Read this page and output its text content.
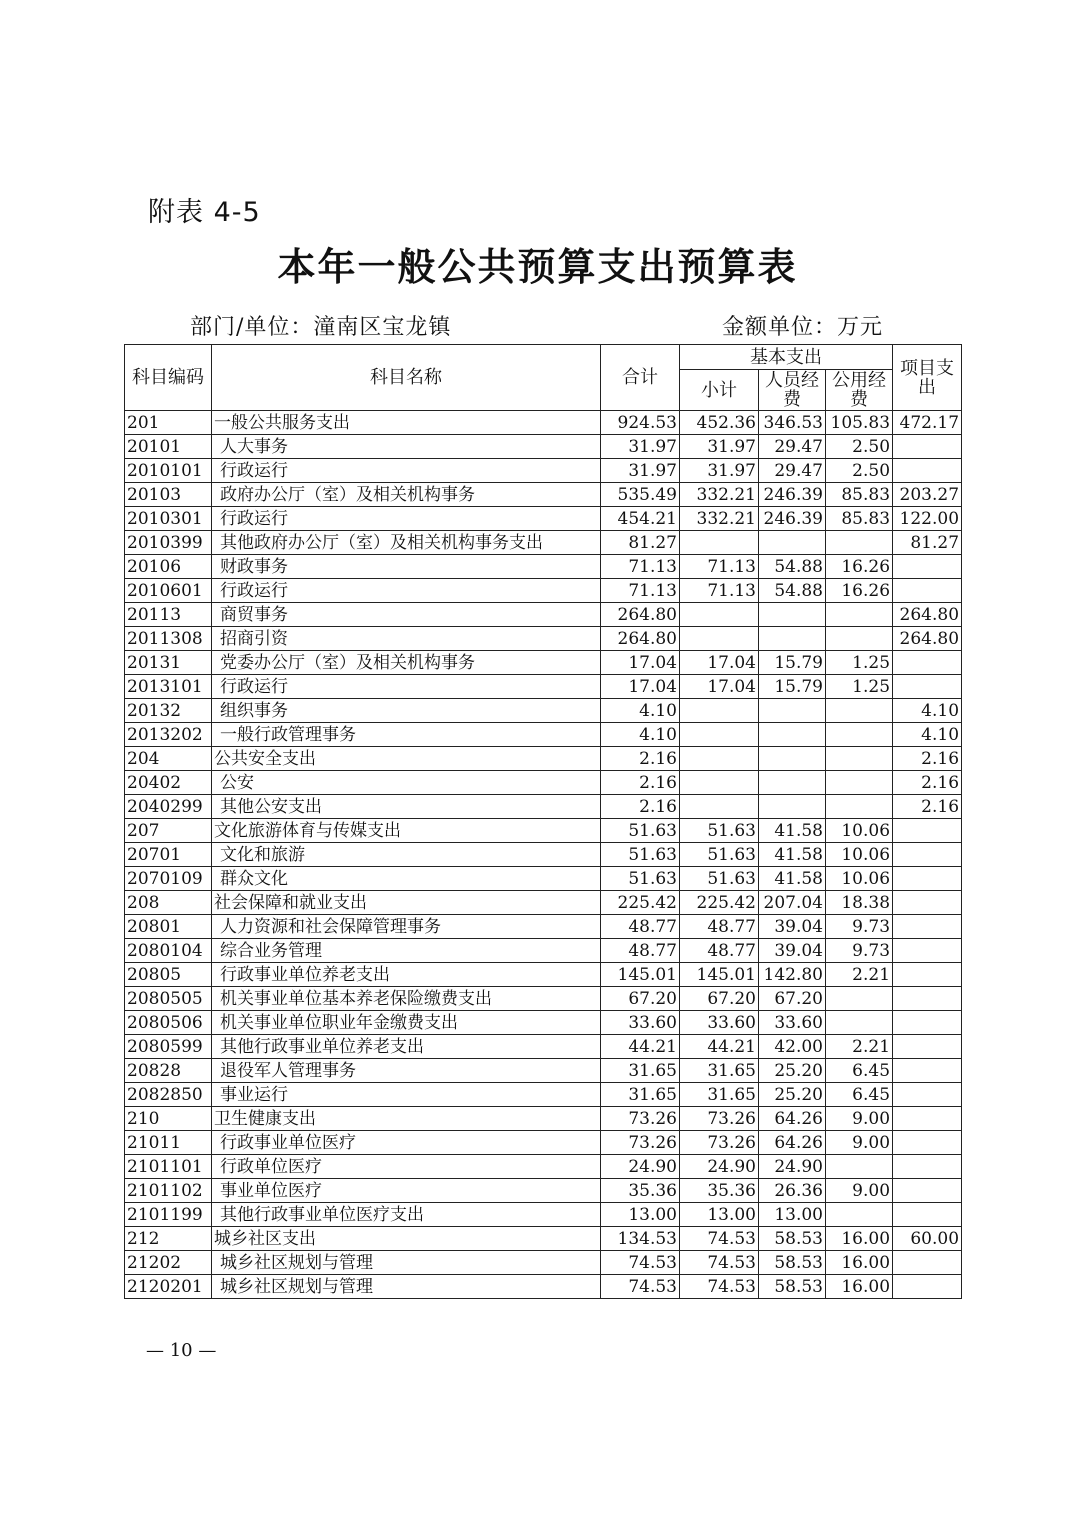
附表 4-5
本年一般公共预算支出预算表
部门/单位：潼南区宝龙镇	金额单位：万元
科目编码	科目名称	合计	基本支出			项目支出
			小计	人员经费	公用经费	
201	一般公共服务支出	924.53	452.36	346.53	105.83	472.17
20101	人大事务	31.97	31.97	29.47	2.50	
2010101	行政运行	31.97	31.97	29.47	2.50	
20103	政府办公厅（室）及相关机构事务	535.49	332.21	246.39	85.83	203.27
2010301	行政运行	454.21	332.21	246.39	85.83	122.00
2010399	其他政府办公厅（室）及相关机构事务支出	81.27				81.27
20106	财政事务	71.13	71.13	54.88	16.26	
2010601	行政运行	71.13	71.13	54.88	16.26	
20113	商贸事务	264.80				264.80
2011308	招商引资	264.80				264.80
20131	党委办公厅（室）及相关机构事务	17.04	17.04	15.79	1.25	
2013101	行政运行	17.04	17.04	15.79	1.25	
20132	组织事务	4.10				4.10
2013202	一般行政管理事务	4.10				4.10
204	公共安全支出	2.16				2.16
20402	公安	2.16				2.16
2040299	其他公安支出	2.16				2.16
207	文化旅游体育与传媒支出	51.63	51.63	41.58	10.06	
20701	文化和旅游	51.63	51.63	41.58	10.06	
2070109	群众文化	51.63	51.63	41.58	10.06	
208	社会保障和就业支出	225.42	225.42	207.04	18.38	
20801	人力资源和社会保障管理事务	48.77	48.77	39.04	9.73	
2080104	综合业务管理	48.77	48.77	39.04	9.73	
20805	行政事业单位养老支出	145.01	145.01	142.80	2.21	
2080505	机关事业单位基本养老保险缴费支出	67.20	67.20	67.20		
2080506	机关事业单位职业年金缴费支出	33.60	33.60	33.60		
2080599	其他行政事业单位养老支出	44.21	44.21	42.00	2.21	
20828	退役军人管理事务	31.65	31.65	25.20	6.45	
2082850	事业运行	31.65	31.65	25.20	6.45	
210	卫生健康支出	73.26	73.26	64.26	9.00	
21011	行政事业单位医疗	73.26	73.26	64.26	9.00	
2101101	行政单位医疗	24.90	24.90	24.90		
2101102	事业单位医疗	35.36	35.36	26.36	9.00	
2101199	其他行政事业单位医疗支出	13.00	13.00	13.00		
212	城乡社区支出	134.53	74.53	58.53	16.00	60.00
21202	城乡社区规划与管理	74.53	74.53	58.53	16.00	
2120201	城乡社区规划与管理	74.53	74.53	58.53	16.00	
— 10 —
